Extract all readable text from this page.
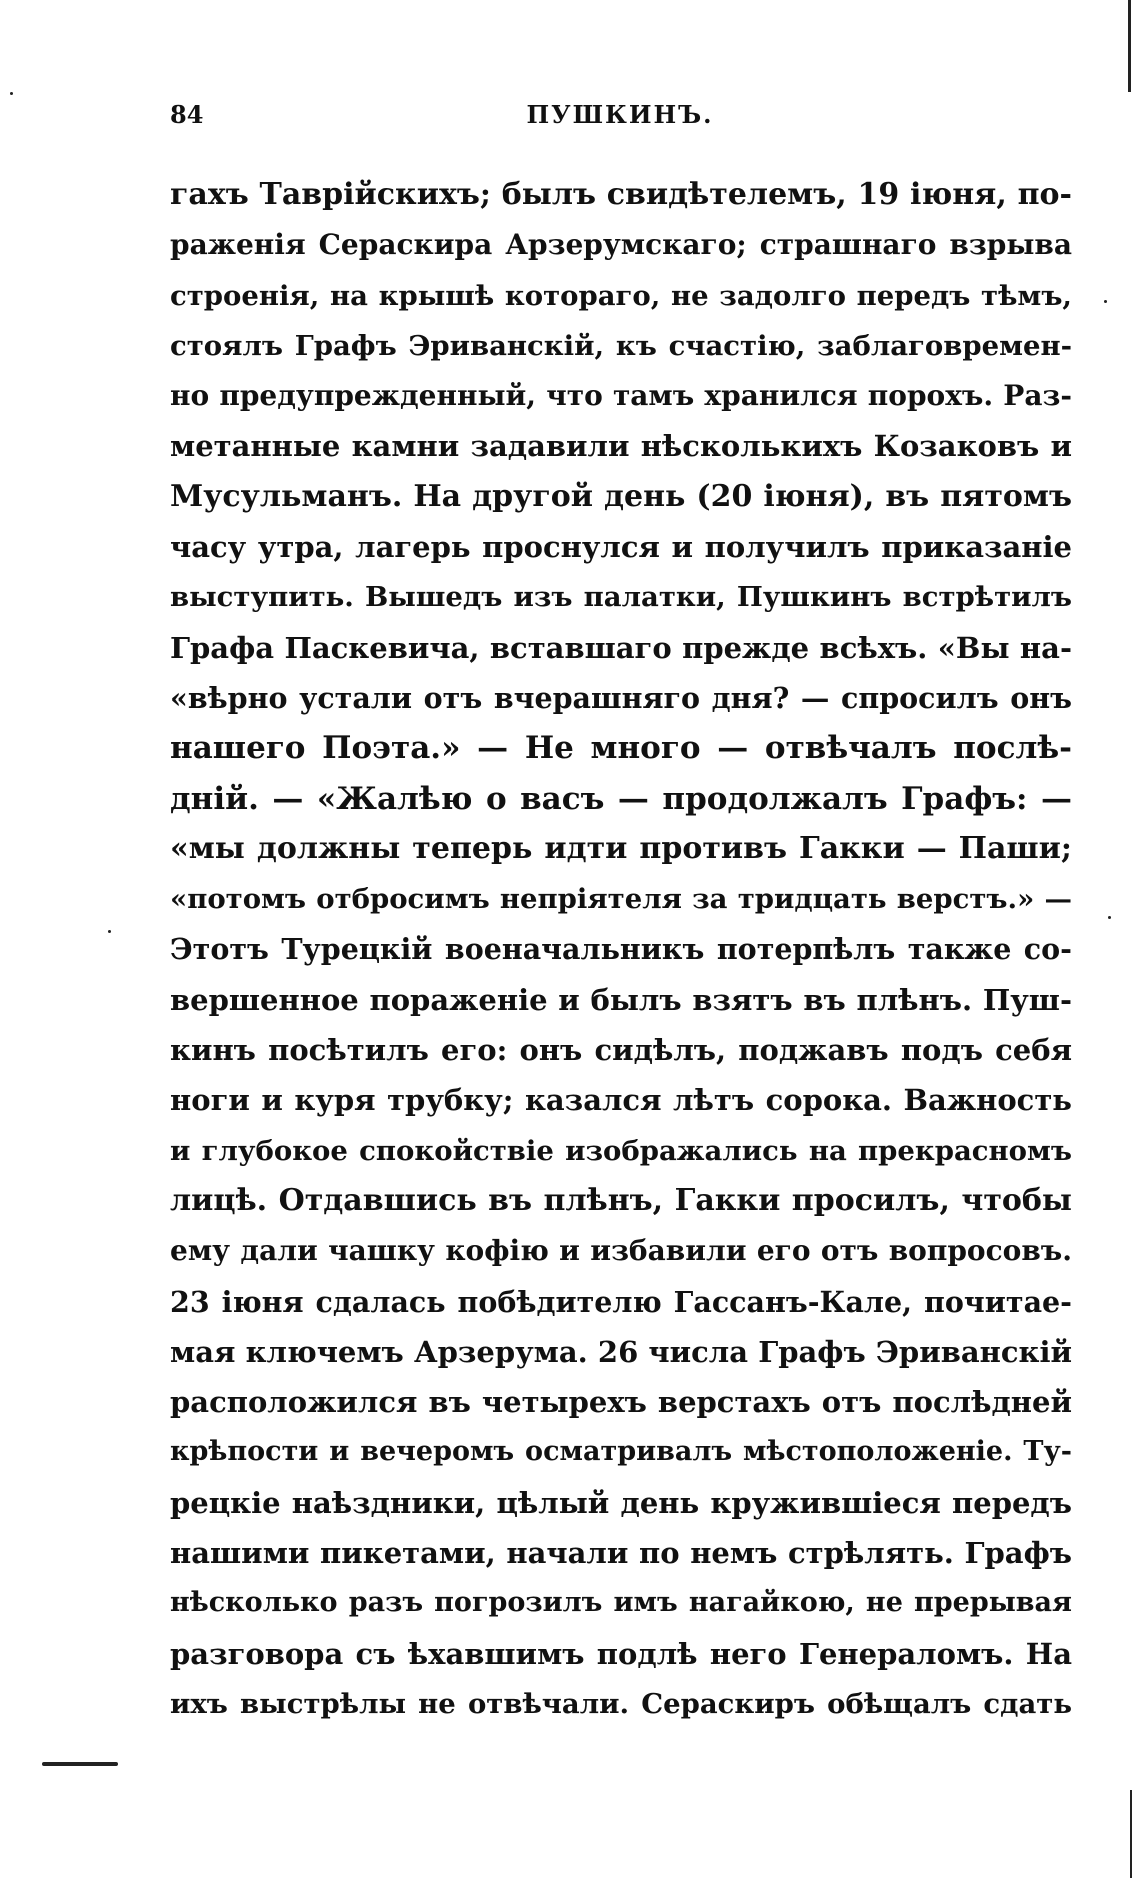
84	ПУШКИНЪ.
гахъ Таврійскихъ; былъ свидѣтелемъ, 19 іюня, по-
раженія Сераскира Арзерумскаго; страшнаго взрыва
строенія, на крышѣ котораго, не задолго передъ тѣмъ,
стоялъ Графъ Эриванскій, къ счастію, заблаговремен-
но предупрежденный, что тамъ хранился порохъ. Раз-
метанные камни задавили нѣсколькихъ Козаковъ и
Мусульманъ. На другой день (20 іюня), въ пятомъ
часу утра, лагерь проснулся и получилъ приказаніе
выступить. Вышедъ изъ палатки, Пушкинъ встрѣтилъ
Графа Паскевича, вставшаго прежде всѣхъ. «Вы на-
«вѣрно устали отъ вчерашняго дня? — спросилъ онъ
нашего Поэта.» — Не много — отвѣчалъ послѣ-
дній. — «Жалѣю о васъ — продолжалъ Графъ: —
«мы должны теперь идти противъ Гакки — Паши;
«потомъ отбросимъ непріятеля за тридцать верстъ.» —
Этотъ Турецкій военачальникъ потерпѣлъ также со-
вершенное пораженіе и былъ взятъ въ плѣнъ. Пуш-
кинъ посѣтилъ его: онъ сидѣлъ, поджавъ подъ себя
ноги и куря трубку; казался лѣтъ сорока. Важность
и глубокое спокойствіе изображались на прекрасномъ
лицѣ. Отдавшись въ плѣнъ, Гакки просилъ, чтобы
ему дали чашку кофію и избавили его отъ вопросовъ.
23 іюня сдалась побѣдителю Гассанъ-Кале, почитае-
мая ключемъ Арзерума. 26 числа Графъ Эриванскій
расположился въ четырехъ верстахъ отъ послѣдней
крѣпости и вечеромъ осматривалъ мѣстоположеніе. Ту-
рецкіе наѣздники, цѣлый день кружившіеся передъ
нашими пикетами, начали по немъ стрѣлять. Графъ
нѣсколько разъ погрозилъ имъ нагайкою, не прерывая
разговора съ ѣхавшимъ подлѣ него Генераломъ. На
ихъ выстрѣлы не отвѣчали. Сераскиръ обѣщалъ сдать
